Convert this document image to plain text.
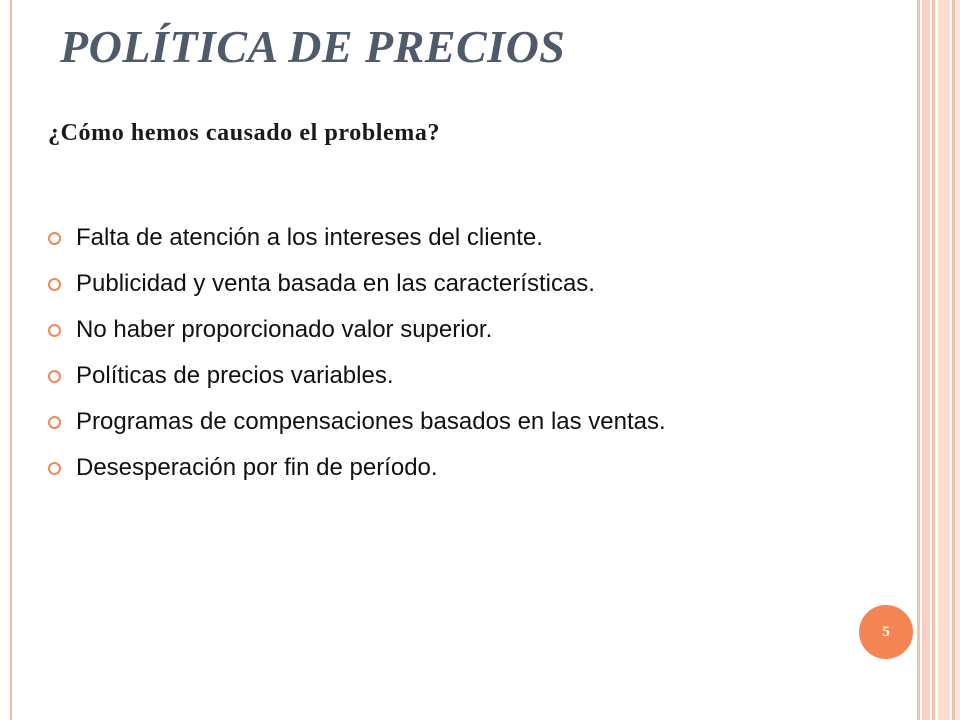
POLÍTICA DE PRECIOS
¿Cómo hemos causado el problema?
Falta de atención a los intereses del cliente.
Publicidad y venta basada en las características.
No haber proporcionado valor superior.
Políticas de precios variables.
Programas de compensaciones basados en las ventas.
Desesperación por fin de período.
5
